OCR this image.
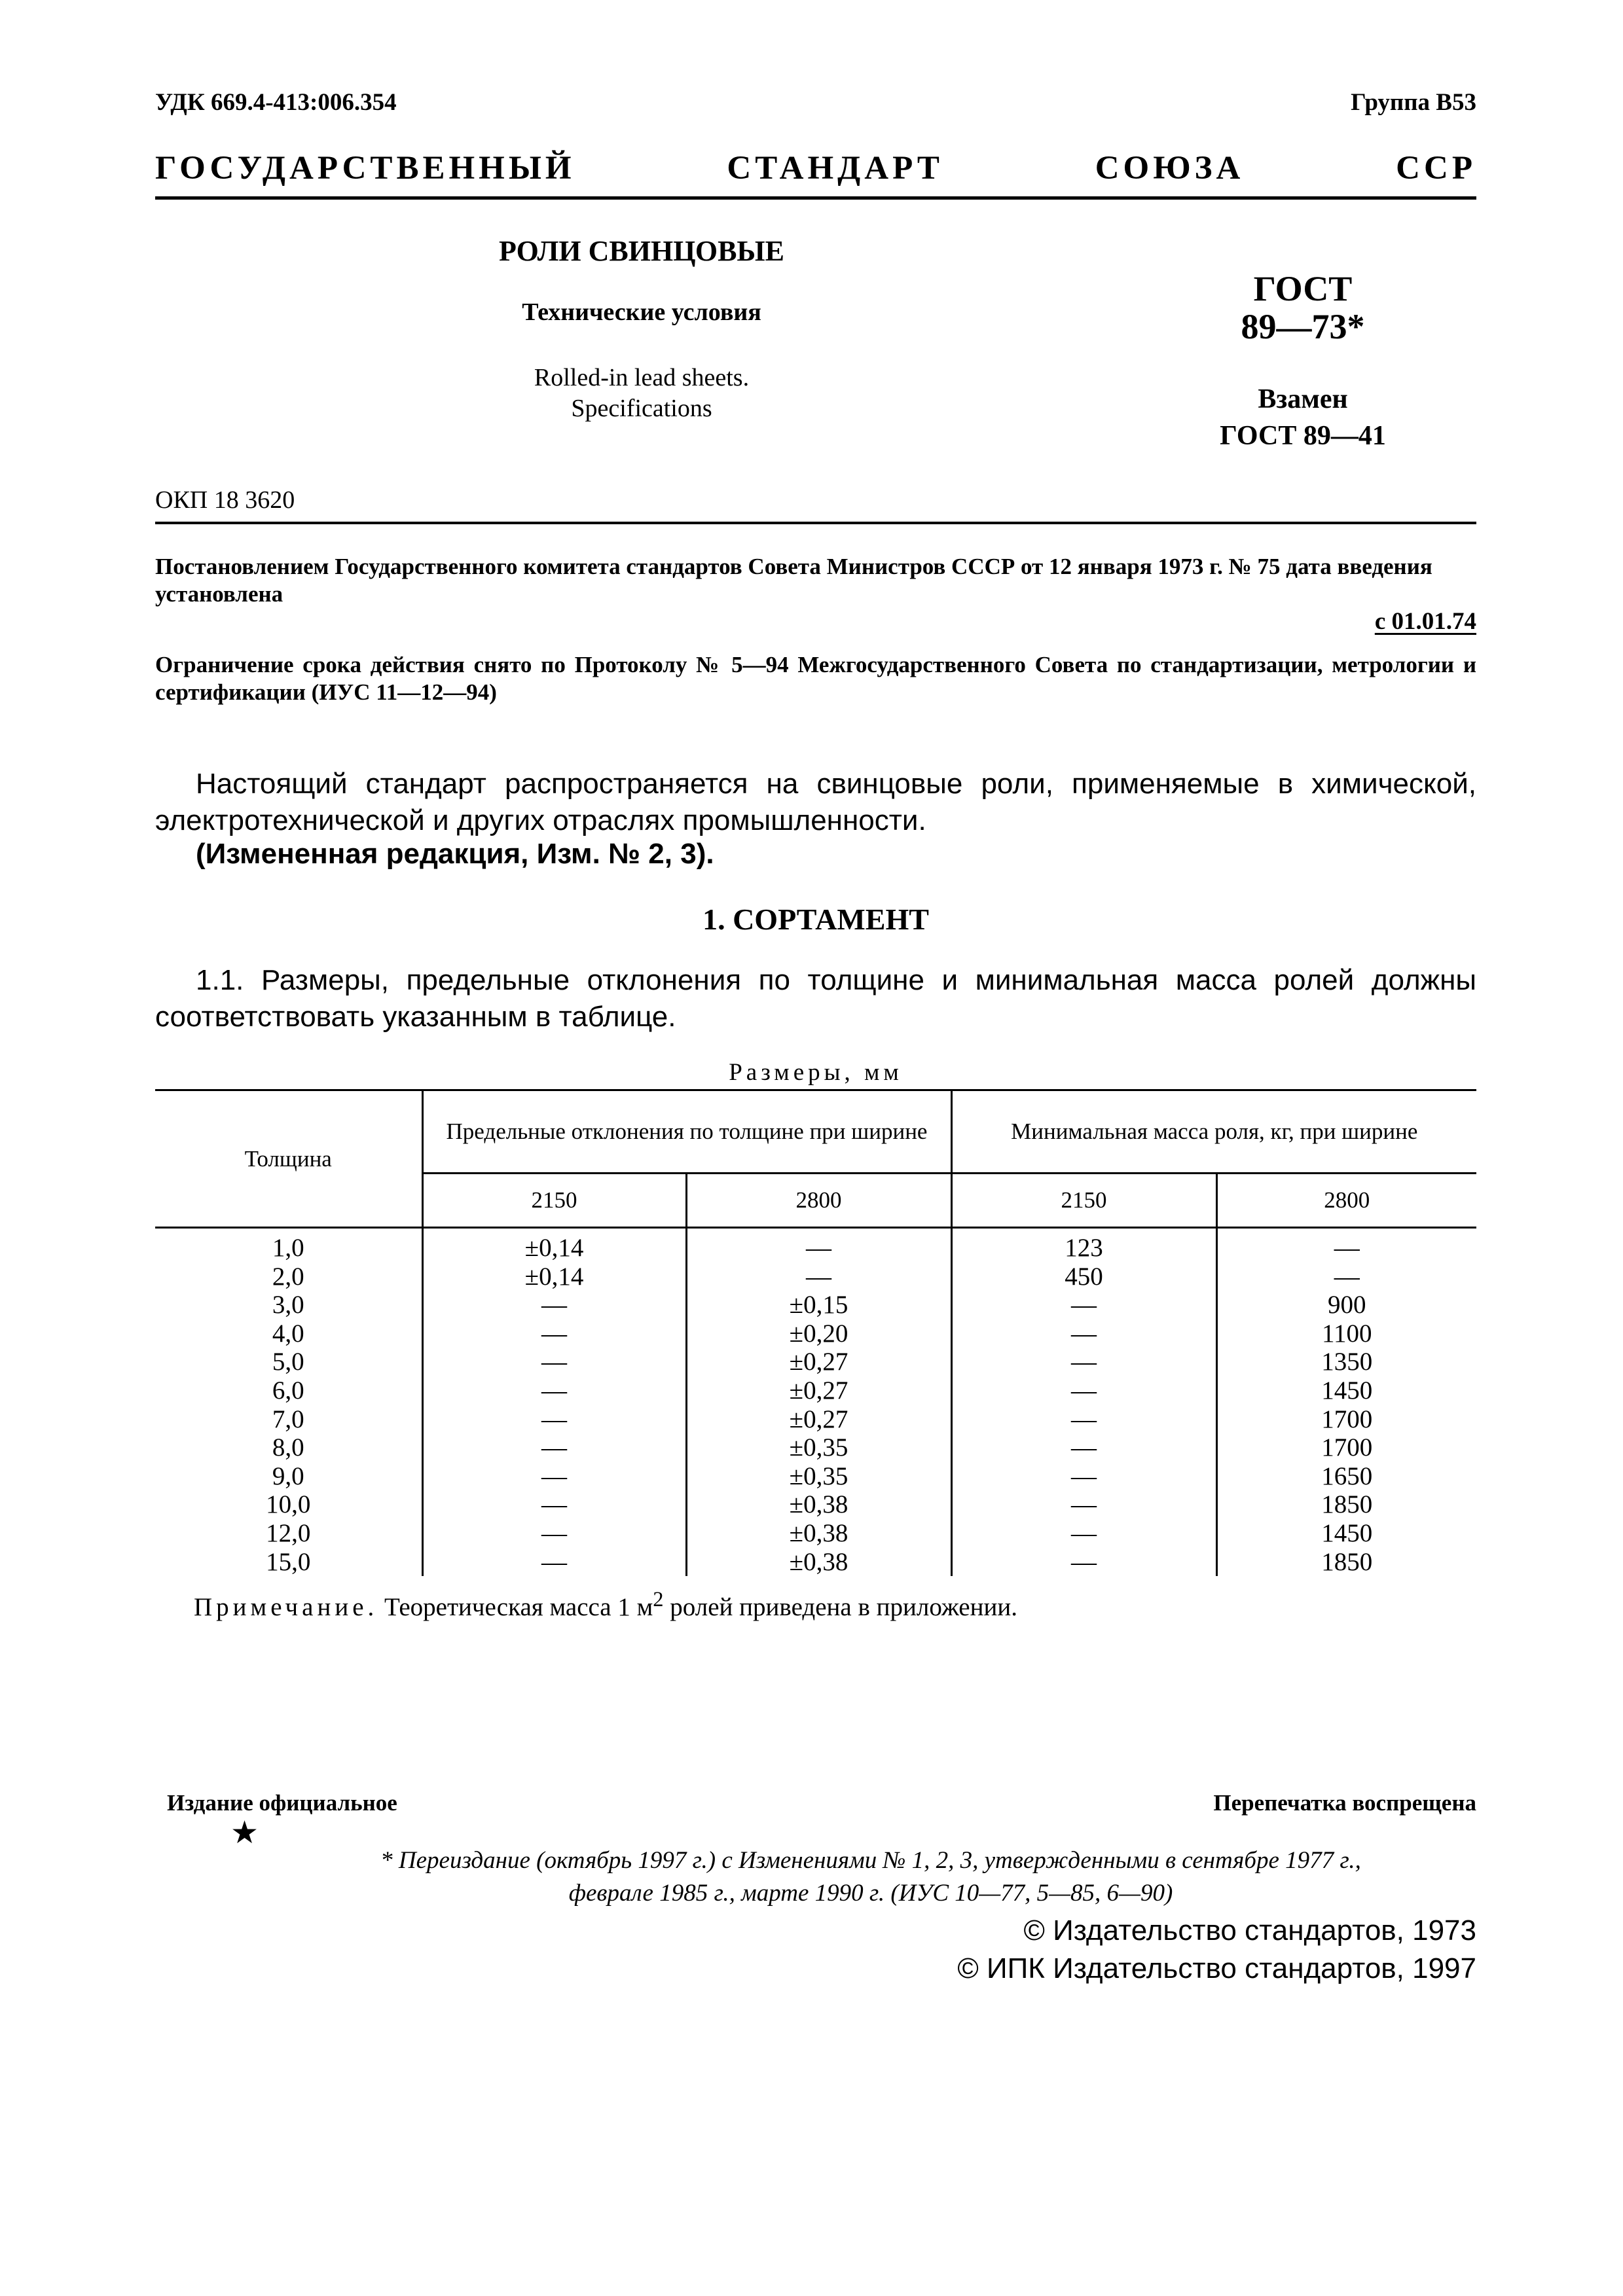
УДК 669.4-413:006.354	Группа В53
ГОСУДАРСТВЕННЫЙ	СТАНДАРТ	СОЮЗА	ССР
РОЛИ СВИНЦОВЫЕ
Технические условия
Rolled-in lead sheets.
Specifications
ГОСТ
89—73*
Взамен
ГОСТ 89—41
ОКП 18 3620
Постановлением Государственного комитета стандартов Совета Министров СССР от 12 января 1973 г. № 75 дата введения установлена
с 01.01.74
Ограничение срока действия снято по Протоколу № 5—94 Межгосударственного Совета по стандартизации, метрологии и сертификации (ИУС 11—12—94)
Настоящий стандарт распространяется на свинцовые роли, применяемые в химической, электротехнической и других отраслях промышленности.
(Измененная редакция, Изм. № 2, 3).
1. СОРТАМЕНТ
1.1. Размеры, предельные отклонения по толщине и минимальная масса ролей должны соответствовать указанным в таблице.
Размеры, мм
Толщина	Предельные отклонения по толщине при ширине		Минимальная масса роля, кг, при ширине	
	2150	2800	2150	2800
1,0	±0,14	—	123	—
2,0	±0,14	—	450	—
3,0	—	±0,15	—	900
4,0	—	±0,20	—	1100
5,0	—	±0,27	—	1350
6,0	—	±0,27	—	1450
7,0	—	±0,27	—	1700
8,0	—	±0,35	—	1700
9,0	—	±0,35	—	1650
10,0	—	±0,38	—	1850
12,0	—	±0,38	—	1450
15,0	—	±0,38	—	1850
Примечание. Теоретическая масса 1 $м^2$ ролей приведена в приложении.
Издание официальное
★
Перепечатка воспрещена
* Переиздание (октябрь 1997 г.) с Изменениями № 1, 2, 3, утвержденными в сентябре 1977 г.,
феврале 1985 г., марте 1990 г. (ИУС 10—77, 5—85, 6—90)
© Издательство стандартов, 1973
© ИПК Издательство стандартов, 1997
